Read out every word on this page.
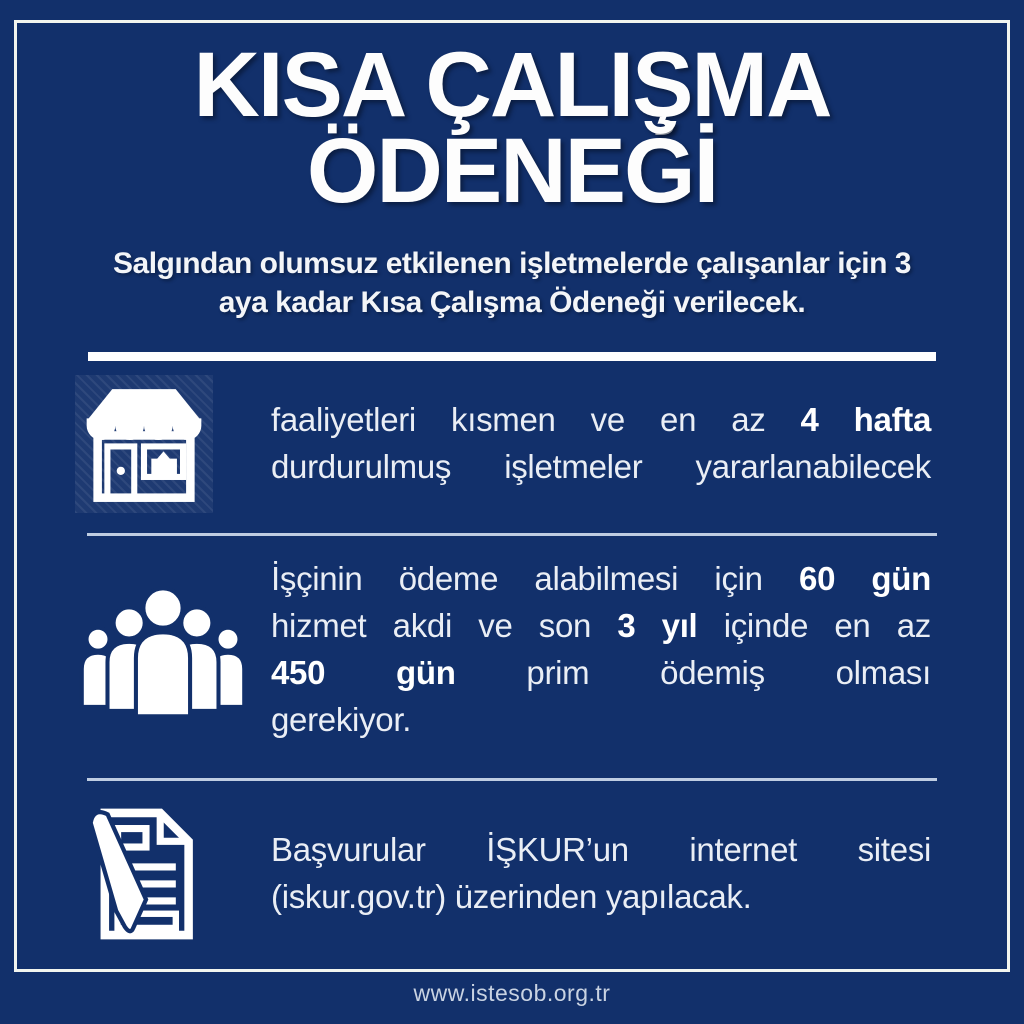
KISA ÇALIŞMA
ÖDENEĞİ
Salgından olumsuz etkilenen işletmelerde çalışanlar için 3 aya kadar Kısa Çalışma Ödeneği verilecek.
faaliyetleri kısmen ve en az 4 hafta
durdurulmuş işletmeler yararlanabilecek
İşçinin ödeme alabilmesi için 60 gün
hizmet akdi ve son 3 yıl içinde en az
450 gün prim ödemiş olması
gerekiyor.
Başvurular İŞKUR’un internet sitesi
(iskur.gov.tr) üzerinden yapılacak.
www.istesob.org.tr
